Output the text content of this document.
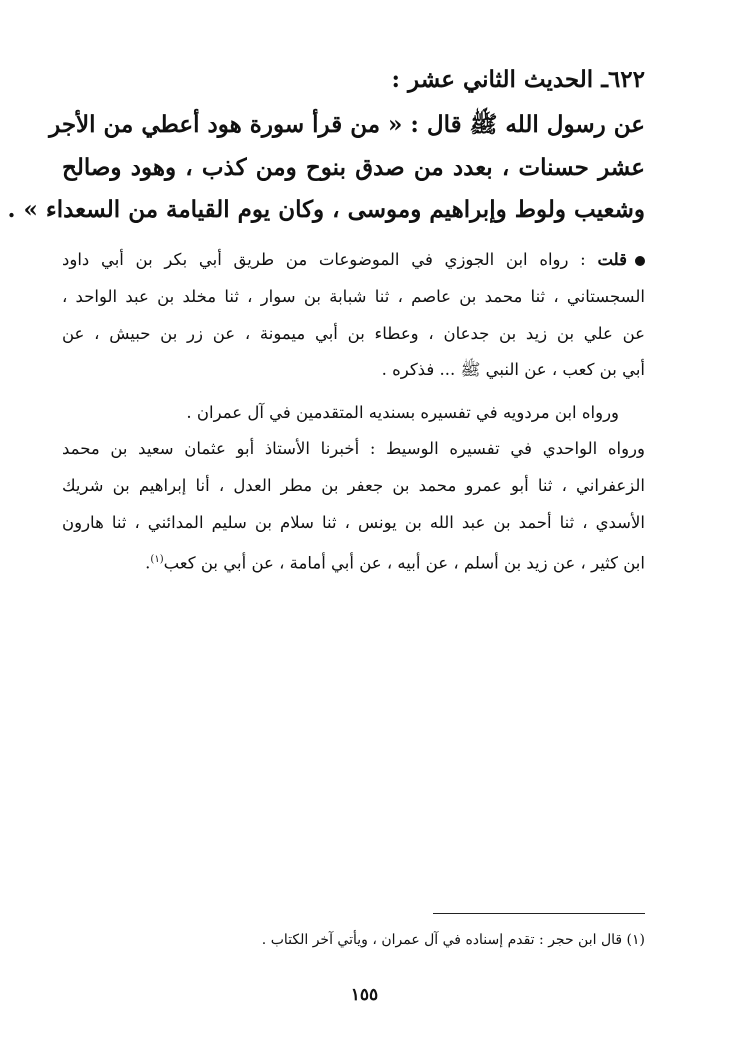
٦٢٢ـ الحديث الثاني عشر :
عن رسول الله ﷺ قال : « من قرأ سورة هود أعطي من الأجر
عشر حسنات ، بعدد من صدق بنوح ومن كذب ، وهود وصالح
وشعيب ولوط وإبراهيم وموسى ، وكان يوم القيامة من السعداء » .
قلت : رواه ابن الجوزي في الموضوعات من طريق أبي بكر بن أبي داود
السجستاني ، ثنا محمد بن عاصم ، ثنا شبابة بن سوار ، ثنا مخلد بن عبد الواحد ،
عن علي بن زيد بن جدعان ، وعطاء بن أبي ميمونة ، عن زر بن حبيش ، عن
أبي بن كعب ، عن النبي ﷺ ... فذكره .
ورواه ابن مردويه في تفسيره بسنديه المتقدمين في آل عمران .
ورواه الواحدي في تفسيره الوسيط : أخبرنا الأستاذ أبو عثمان سعيد بن محمد
الزعفراني ، ثنا أبو عمرو محمد بن جعفر بن مطر العدل ، أنا إبراهيم بن شريك
الأسدي ، ثنا أحمد بن عبد الله بن يونس ، ثنا سلام بن سليم المدائني ، ثنا هارون
ابن كثير ، عن زيد بن أسلم ، عن أبيه ، عن أبي أمامة ، عن أبي بن كعب$^{(١)}$.
(١) قال ابن حجر : تقدم إسناده في آل عمران ، ويأتي آخر الكتاب .
١٥٥
